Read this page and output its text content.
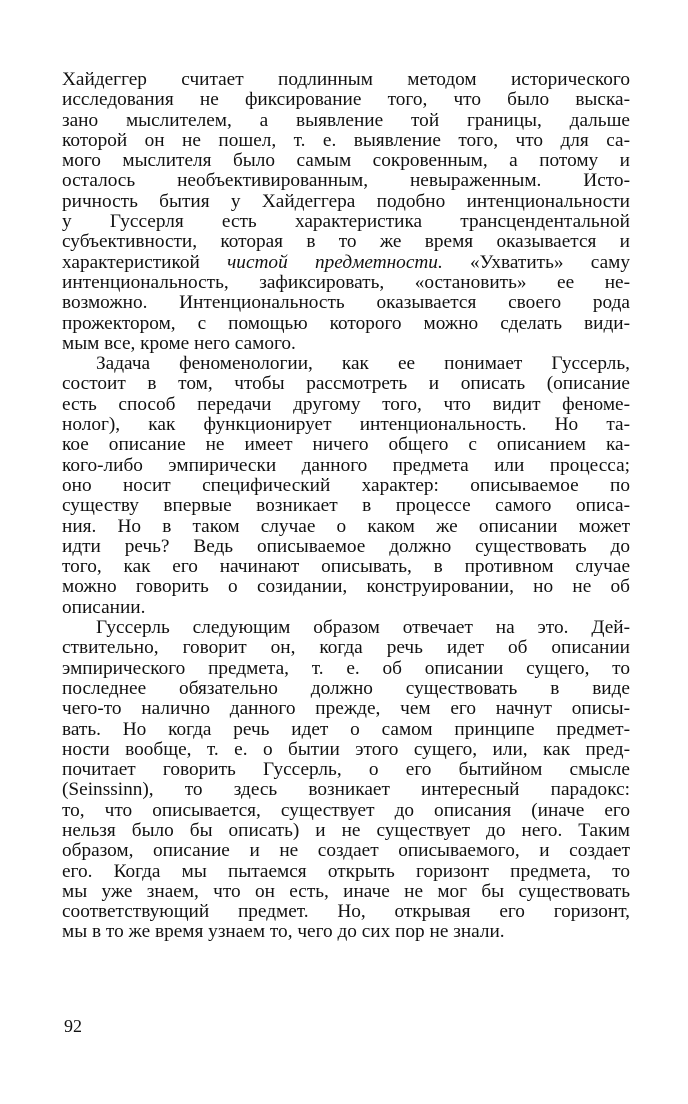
Хайдеггер считает подлинным методом исторического
исследования не фиксирование того, что было выска-
зано мыслителем, а выявление той границы, дальше
которой он не пошел, т. е. выявление того, что для са-
мого мыслителя было самым сокровенным, а потому и
осталось необъективированным, невыраженным. Исто-
ричность бытия у Хайдеггера подобно интенциональности
у Гуссерля есть характеристика трансцендентальной
субъективности, которая в то же время оказывается и
характеристикой чистой предметности. «Ухватить» саму
интенциональность, зафиксировать, «остановить» ее не-
возможно. Интенциональность оказывается своего рода
прожектором, с помощью которого можно сделать види-
мым все, кроме него самого.
Задача феноменологии, как ее понимает Гуссерль,
состоит в том, чтобы рассмотреть и описать (описание
есть способ передачи другому того, что видит феноме-
нолог), как функционирует интенциональность. Но та-
кое описание не имеет ничего общего с описанием ка-
кого-либо эмпирически данного предмета или процесса;
оно носит специфический характер: описываемое по
существу впервые возникает в процессе самого описа-
ния. Но в таком случае о каком же описании может
идти речь? Ведь описываемое должно существовать до
того, как его начинают описывать, в противном случае
можно говорить о созидании, конструировании, но не об
описании.
Гуссерль следующим образом отвечает на это. Дей-
ствительно, говорит он, когда речь идет об описании
эмпирического предмета, т. е. об описании сущего, то
последнее обязательно должно существовать в виде
чего-то налично данного прежде, чем его начнут описы-
вать. Но когда речь идет о самом принципе предмет-
ности вообще, т. е. о бытии этого сущего, или, как пред-
почитает говорить Гуссерль, о его бытийном смысле
(Seinssinn), то здесь возникает интересный парадокс:
то, что описывается, существует до описания (иначе его
нельзя было бы описать) и не существует до него. Таким
образом, описание и не создает описываемого, и создает
его. Когда мы пытаемся открыть горизонт предмета, то
мы уже знаем, что он есть, иначе не мог бы существовать
соответствующий предмет. Но, открывая его горизонт,
мы в то же время узнаем то, чего до сих пор не знали.
92
